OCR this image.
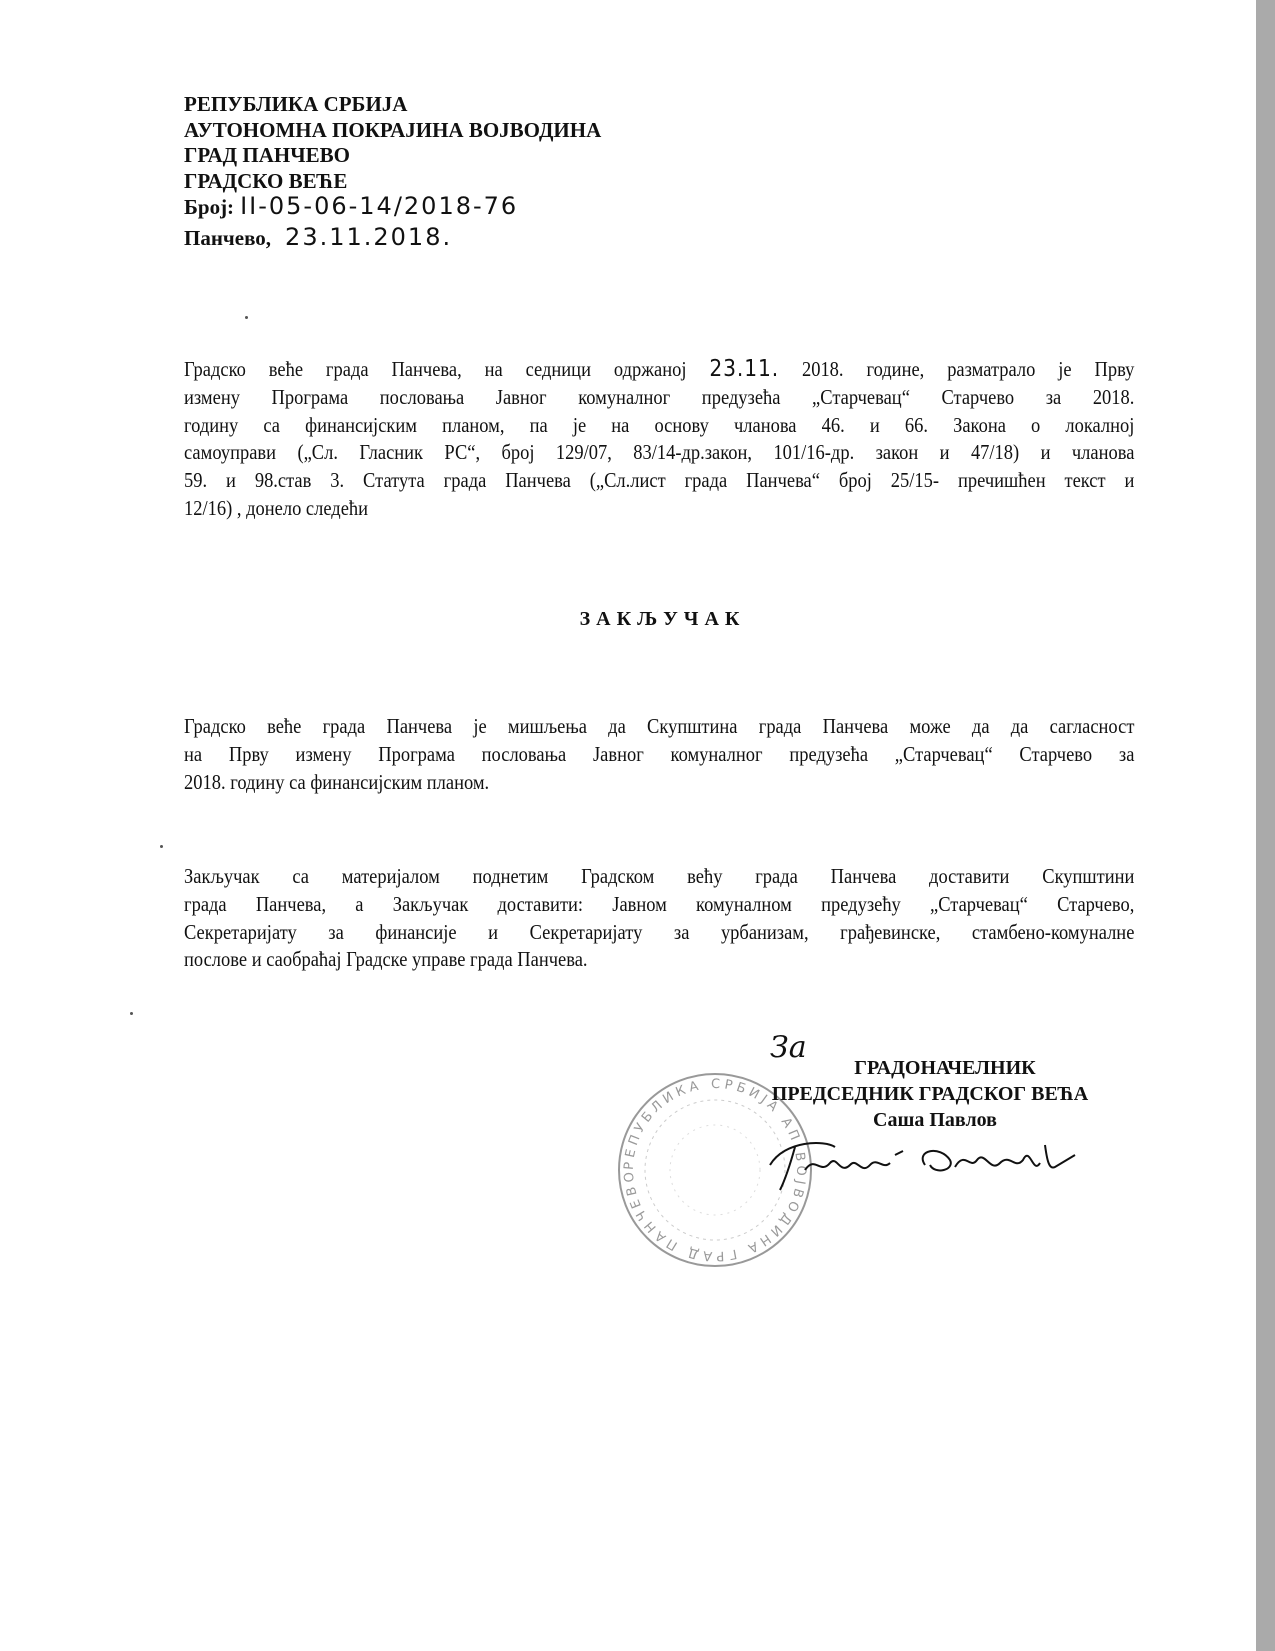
РЕПУБЛИКА СРБИЈА
АУТОНОМНА ПОКРАЈИНА ВОЈВОДИНА
ГРАД ПАНЧЕВО
ГРАДСКО ВЕЋЕ
Број: II-05-06-14/2018-76
Панчево, 23.11.2018.
Градско веће града Панчева, на седници одржаној 23.11. 2018. године, разматрало је Прву
измену Програма пословања Јавног комуналног предузећа „Старчевац“ Старчево за 2018.
годину са финансијским планом, па је на основу чланова 46. и 66. Закона о локалној
самоуправи („Сл. Гласник РС“, број 129/07, 83/14-др.закон, 101/16-др. закон и 47/18) и чланова
59. и 98.став 3. Статута града Панчева („Сл.лист града Панчева“ број 25/15- пречишћен текст и
12/16) , донело следећи
ЗАКЉУЧАК
Градско веће града Панчева је мишљења да Скупштина града Панчева може да да сагласност
на Прву измену Програма пословања Јавног комуналног предузећа „Старчевац“ Старчево за
2018. годину са финансијским планом.
Закључак са материјалом поднетим Градском већу града Панчева доставити Скупштини
града Панчева, а Закључак доставити: Јавном комуналном предузећу „Старчевац“ Старчево,
Секретаријату за финансије и Секретаријату за урбанизам, грађевинске, стамбено-комуналне
послове и саобраћај Градске управе града Панчева.
РЕПУБЛИКА СРБИЈА АП ВОЈВОДИНА ГРАД ПАНЧЕВО
За
ГРАДОНАЧЕЛНИК
ПРЕДСЕДНИК ГРАДСКОГ ВЕЋА
Саша Павлов
